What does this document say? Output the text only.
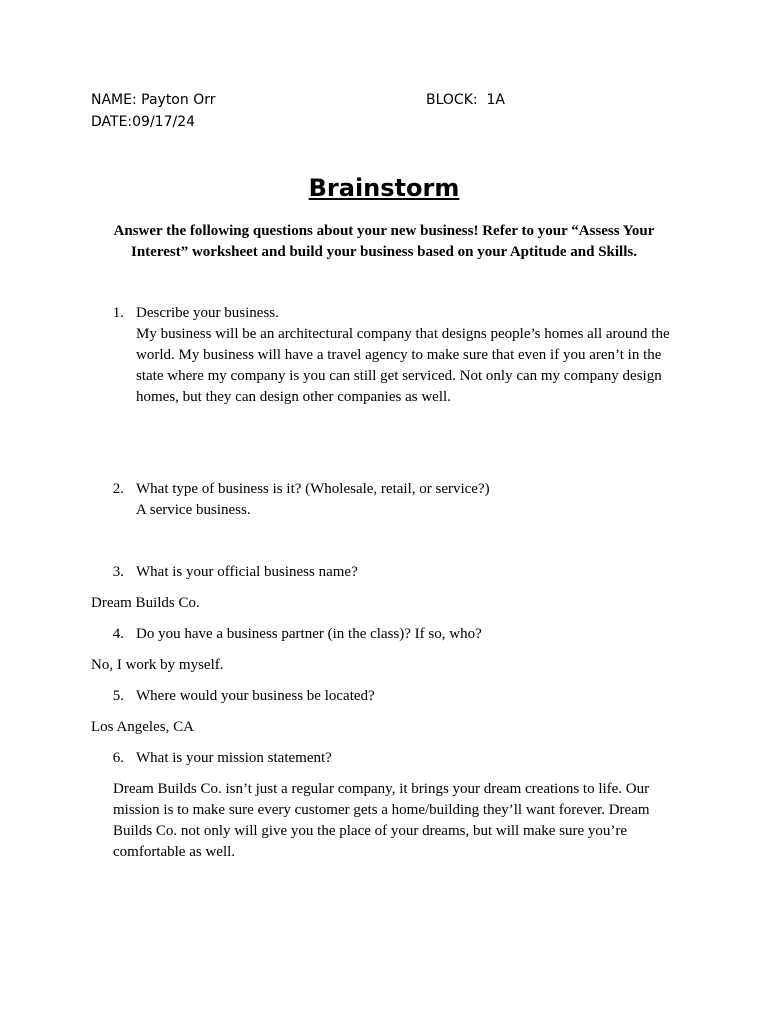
NAME: Payton Orr	BLOCK:  1A

DATE:09/17/24

Brainstorm

Answer the following questions about your new business! Refer to your “Assess Your Interest” worksheet and build your business based on your Aptitude and Skills.

1. Describe your business.

My business will be an architectural company that designs people’s homes all around the world. My business will have a travel agency to make sure that even if you aren’t in the state where my company is you can still get serviced. Not only can my company design homes, but they can design other companies as well.

2. What type of business is it? (Wholesale, retail, or service?)

A service business.

3. What is your official business name?

Dream Builds Co.

4. Do you have a business partner (in the class)? If so, who?

No, I work by myself.

5. Where would your business be located?

Los Angeles, CA

6. What is your mission statement?

Dream Builds Co. isn’t just a regular company, it brings your dream creations to life. Our mission is to make sure every customer gets a home/building they’ll want forever. Dream Builds Co. not only will give you the place of your dreams, but will make sure you’re comfortable as well.
